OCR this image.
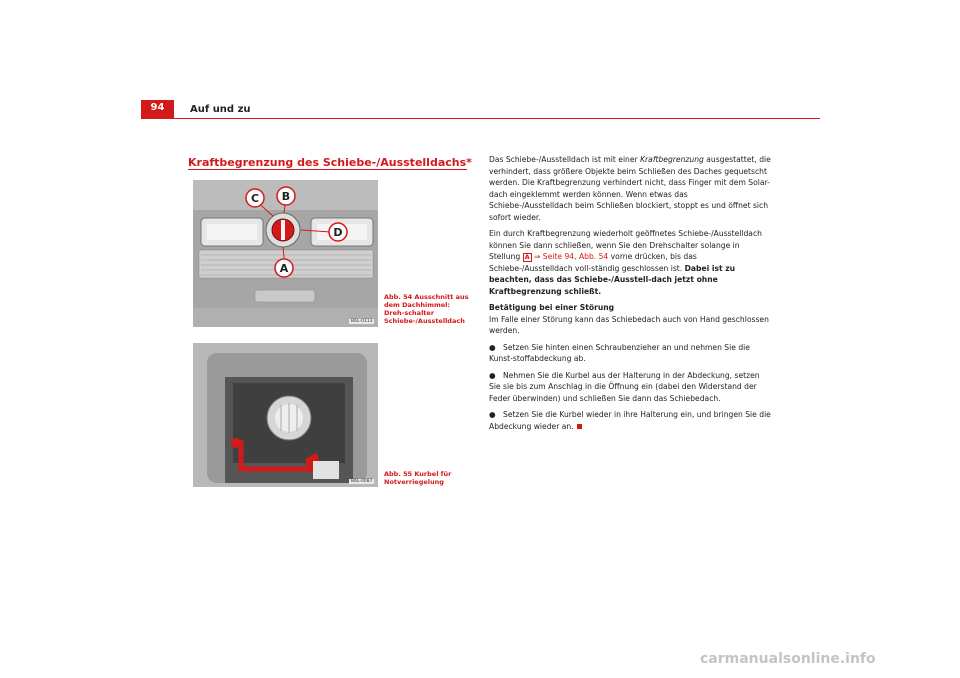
94	Auf und zu
Kraftbegrenzung des Schiebe-/Ausstelldachs*
C B
D
A
B6L-0113
Abb. 54 Ausschnitt aus dem Dachhimmel: Dreh-schalter Schiebe-/Ausstelldach
B6L-0087
Abb. 55 Kurbel für Notverriegelung

Das Schiebe-/Ausstelldach ist mit einer Kraftbegrenzung ausgestattet, die verhindert, dass größere Objekte beim Schließen des Daches gequetscht werden. Die Kraftbegrenzung verhindert nicht, dass Finger mit dem Solar-dach eingeklemmt werden können. Wenn etwas das Schiebe-/Ausstelldach beim Schließen blockiert, stoppt es und öffnet sich sofort wieder.

Ein durch Kraftbegrenzung wiederholt geöffnetes Schiebe-/Ausstelldach können Sie dann schließen, wenn Sie den Drehschalter solange in Stellung A ⇒ Seite 94, Abb. 54 vorne drücken, bis das Schiebe-/Ausstelldach voll-ständig geschlossen ist. Dabei ist zu beachten, dass das Schiebe-/Ausstell-dach jetzt ohne Kraftbegrenzung schließt.

Betätigung bei einer Störung

Im Falle einer Störung kann das Schiebedach auch von Hand geschlossen werden.

● Setzen Sie hinten einen Schraubenzieher an und nehmen Sie die Kunst-stoffabdeckung ab.

● Nehmen Sie die Kurbel aus der Halterung in der Abdeckung, setzen Sie sie bis zum Anschlag in die Öffnung ein (dabei den Widerstand der Feder überwinden) und schließen Sie dann das Schiebedach.

● Setzen Sie die Kurbel wieder in ihre Halterung ein, und bringen Sie die Abdeckung wieder an.

carmanualsonline.info
